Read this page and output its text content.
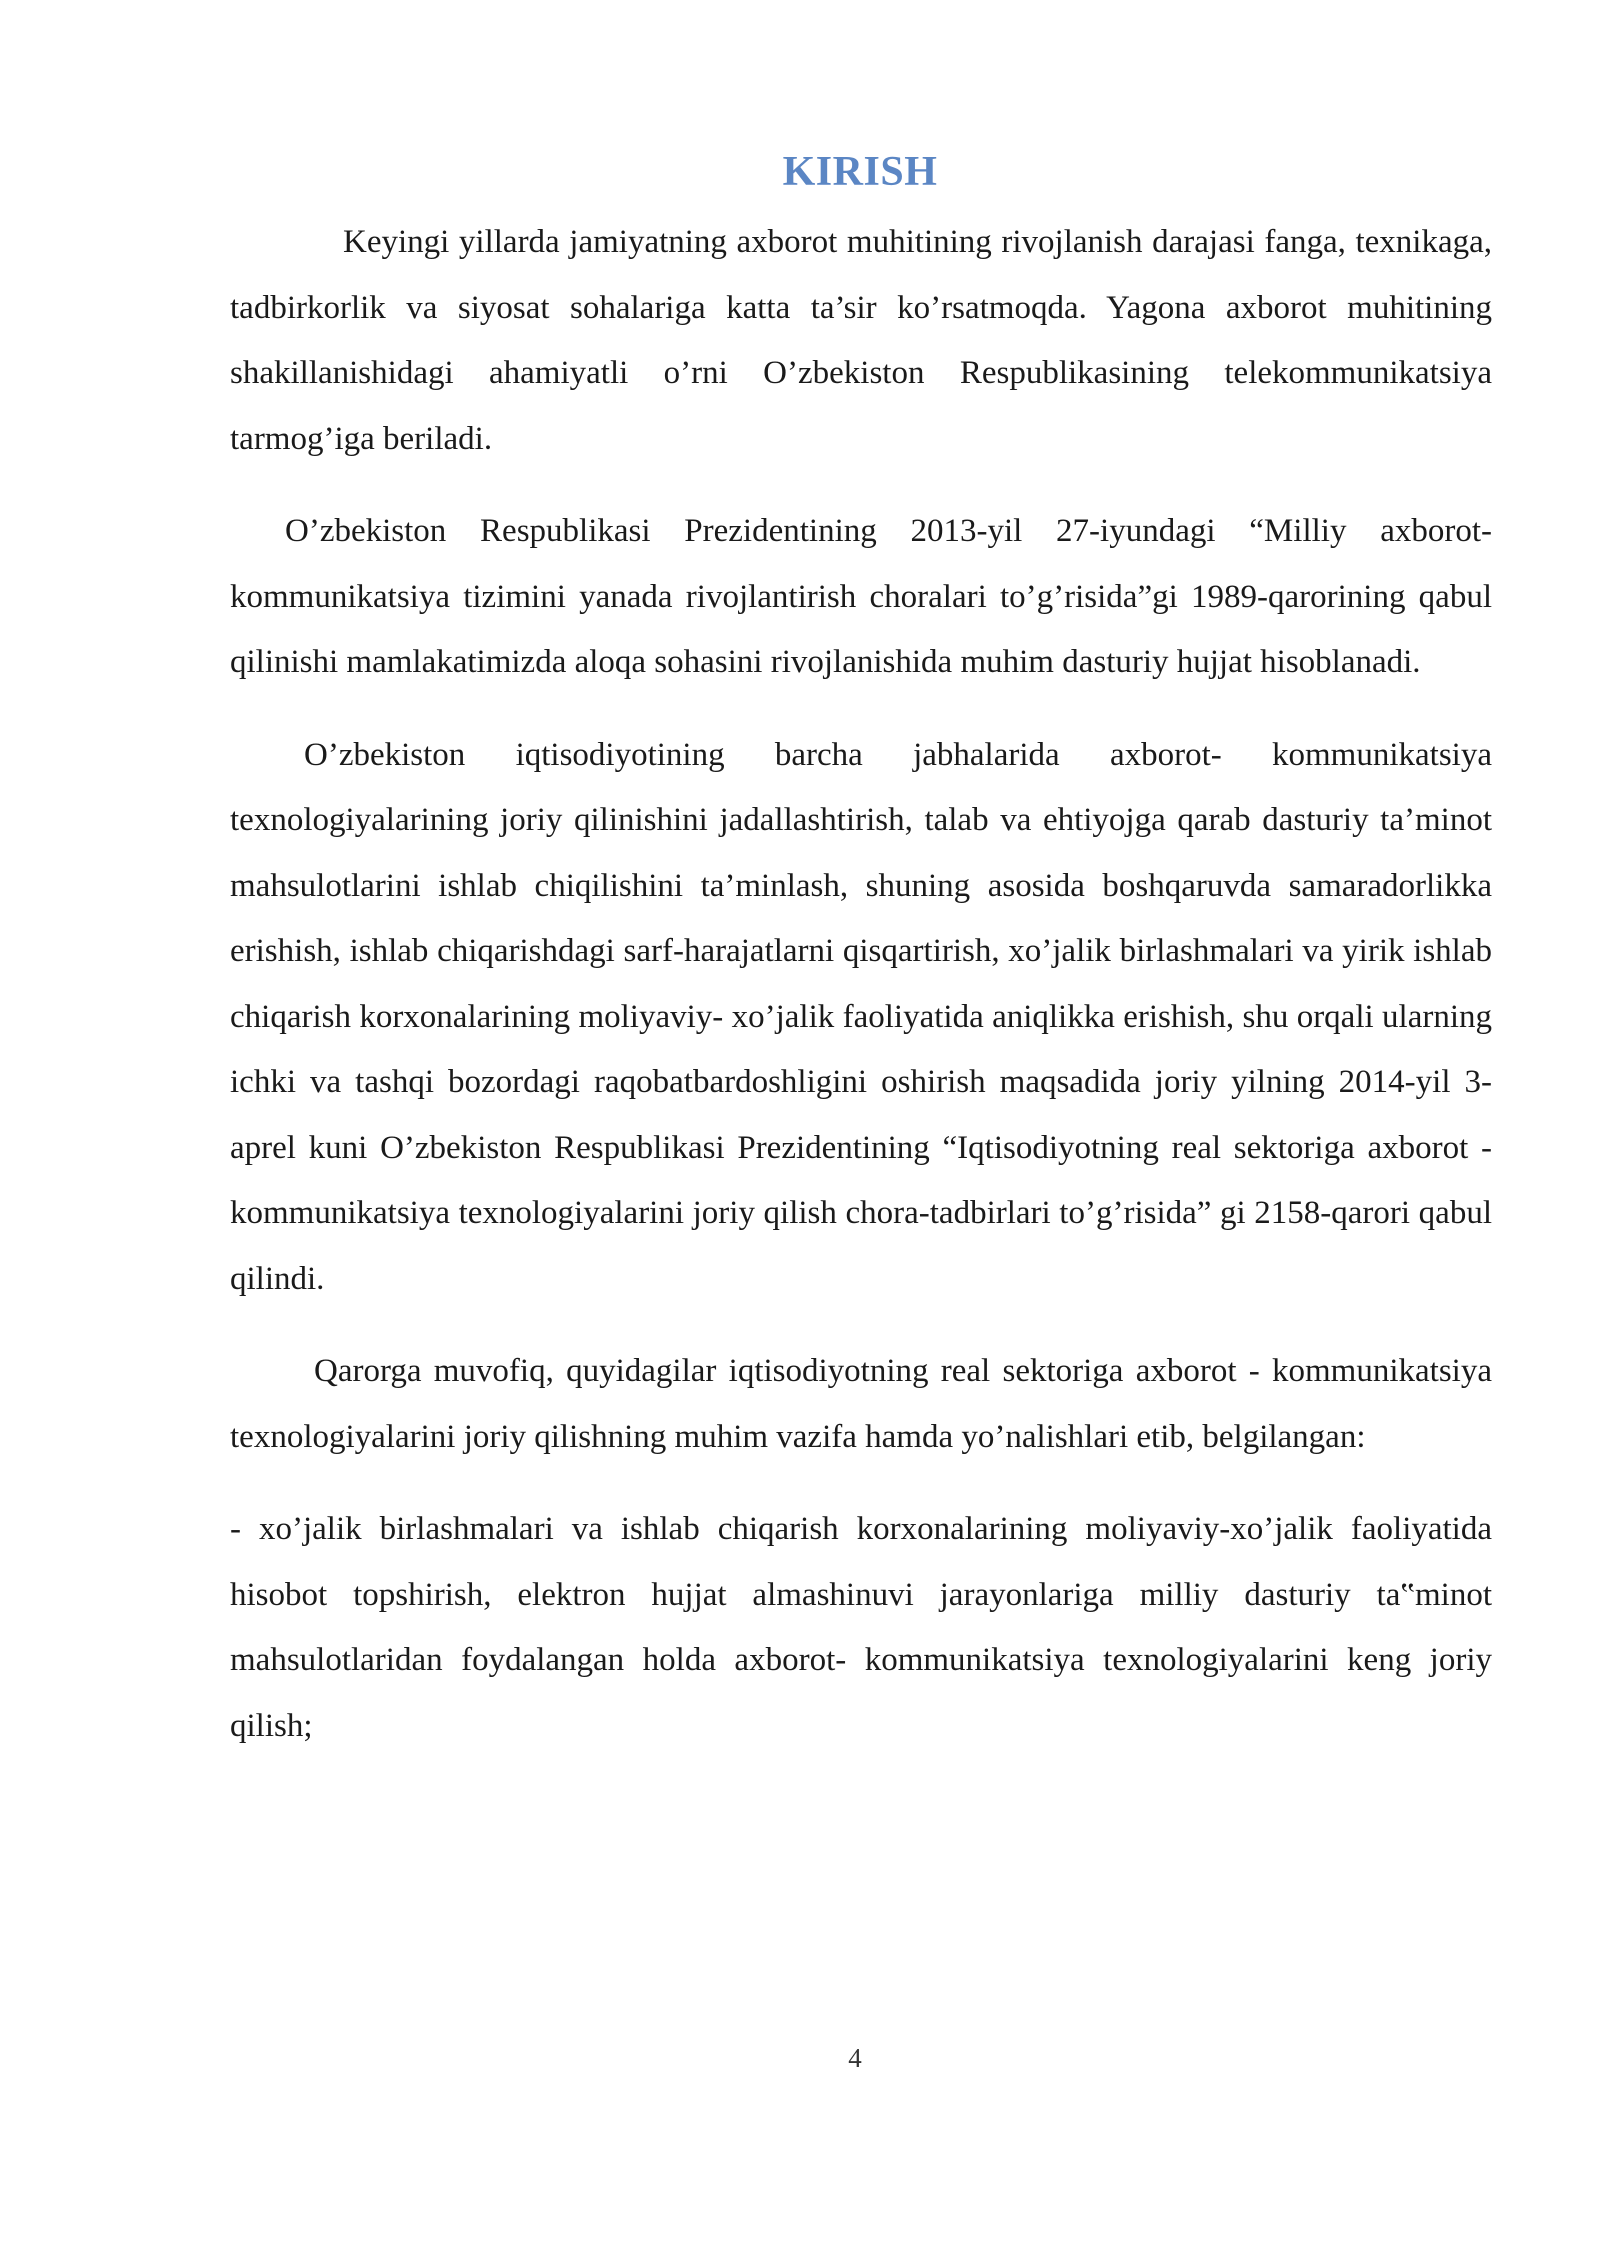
KIRISH

Keyingi yillarda jamiyatning axborot muhitining rivojlanish darajasi fanga, texnikaga, tadbirkorlik va siyosat sohalariga katta ta’sir ko’rsatmoqda. Yagona axborot muhitining shakillanishidagi ahamiyatli o’rni O’zbekiston Respublikasining telekommunikatsiya tarmog’iga beriladi.

O’zbekiston Respublikasi Prezidentining 2013-yil 27-iyundagi “Milliy axborot-kommunikatsiya tizimini yanada rivojlantirish choralari to’g’risida”gi 1989-qarorining qabul qilinishi mamlakatimizda aloqa sohasini rivojlanishida muhim dasturiy hujjat hisoblanadi.

O’zbekiston iqtisodiyotining barcha jabhalarida axborot- kommunikatsiya texnologiyalarining joriy qilinishini jadallashtirish, talab va ehtiyojga qarab dasturiy ta’minot mahsulotlarini ishlab chiqilishini ta’minlash, shuning asosida boshqaruvda samaradorlikka erishish, ishlab chiqarishdagi sarf-harajatlarni qisqartirish, xo’jalik birlashmalari va yirik ishlab chiqarish korxonalarining moliyaviy- xo’jalik faoliyatida aniqlikka erishish, shu orqali ularning ichki va tashqi bozordagi raqobatbardoshligini oshirish maqsadida joriy yilning 2014-yil 3-aprel kuni O’zbekiston Respublikasi Prezidentining “Iqtisodiyotning real sektoriga axborot - kommunikatsiya texnologiyalarini joriy qilish chora-tadbirlari to’g’risida” gi 2158-qarori qabul qilindi.

Qarorga muvofiq, quyidagilar iqtisodiyotning real sektoriga axborot - kommunikatsiya texnologiyalarini joriy qilishning muhim vazifa hamda yo’nalishlari etib, belgilangan:

- xo’jalik birlashmalari va ishlab chiqarish korxonalarining moliyaviy-xo’jalik faoliyatida hisobot topshirish, elektron hujjat almashinuvi jarayonlariga milliy dasturiy ta‟minot mahsulotlaridan foydalangan holda axborot- kommunikatsiya texnologiyalarini keng joriy qilish;

4
